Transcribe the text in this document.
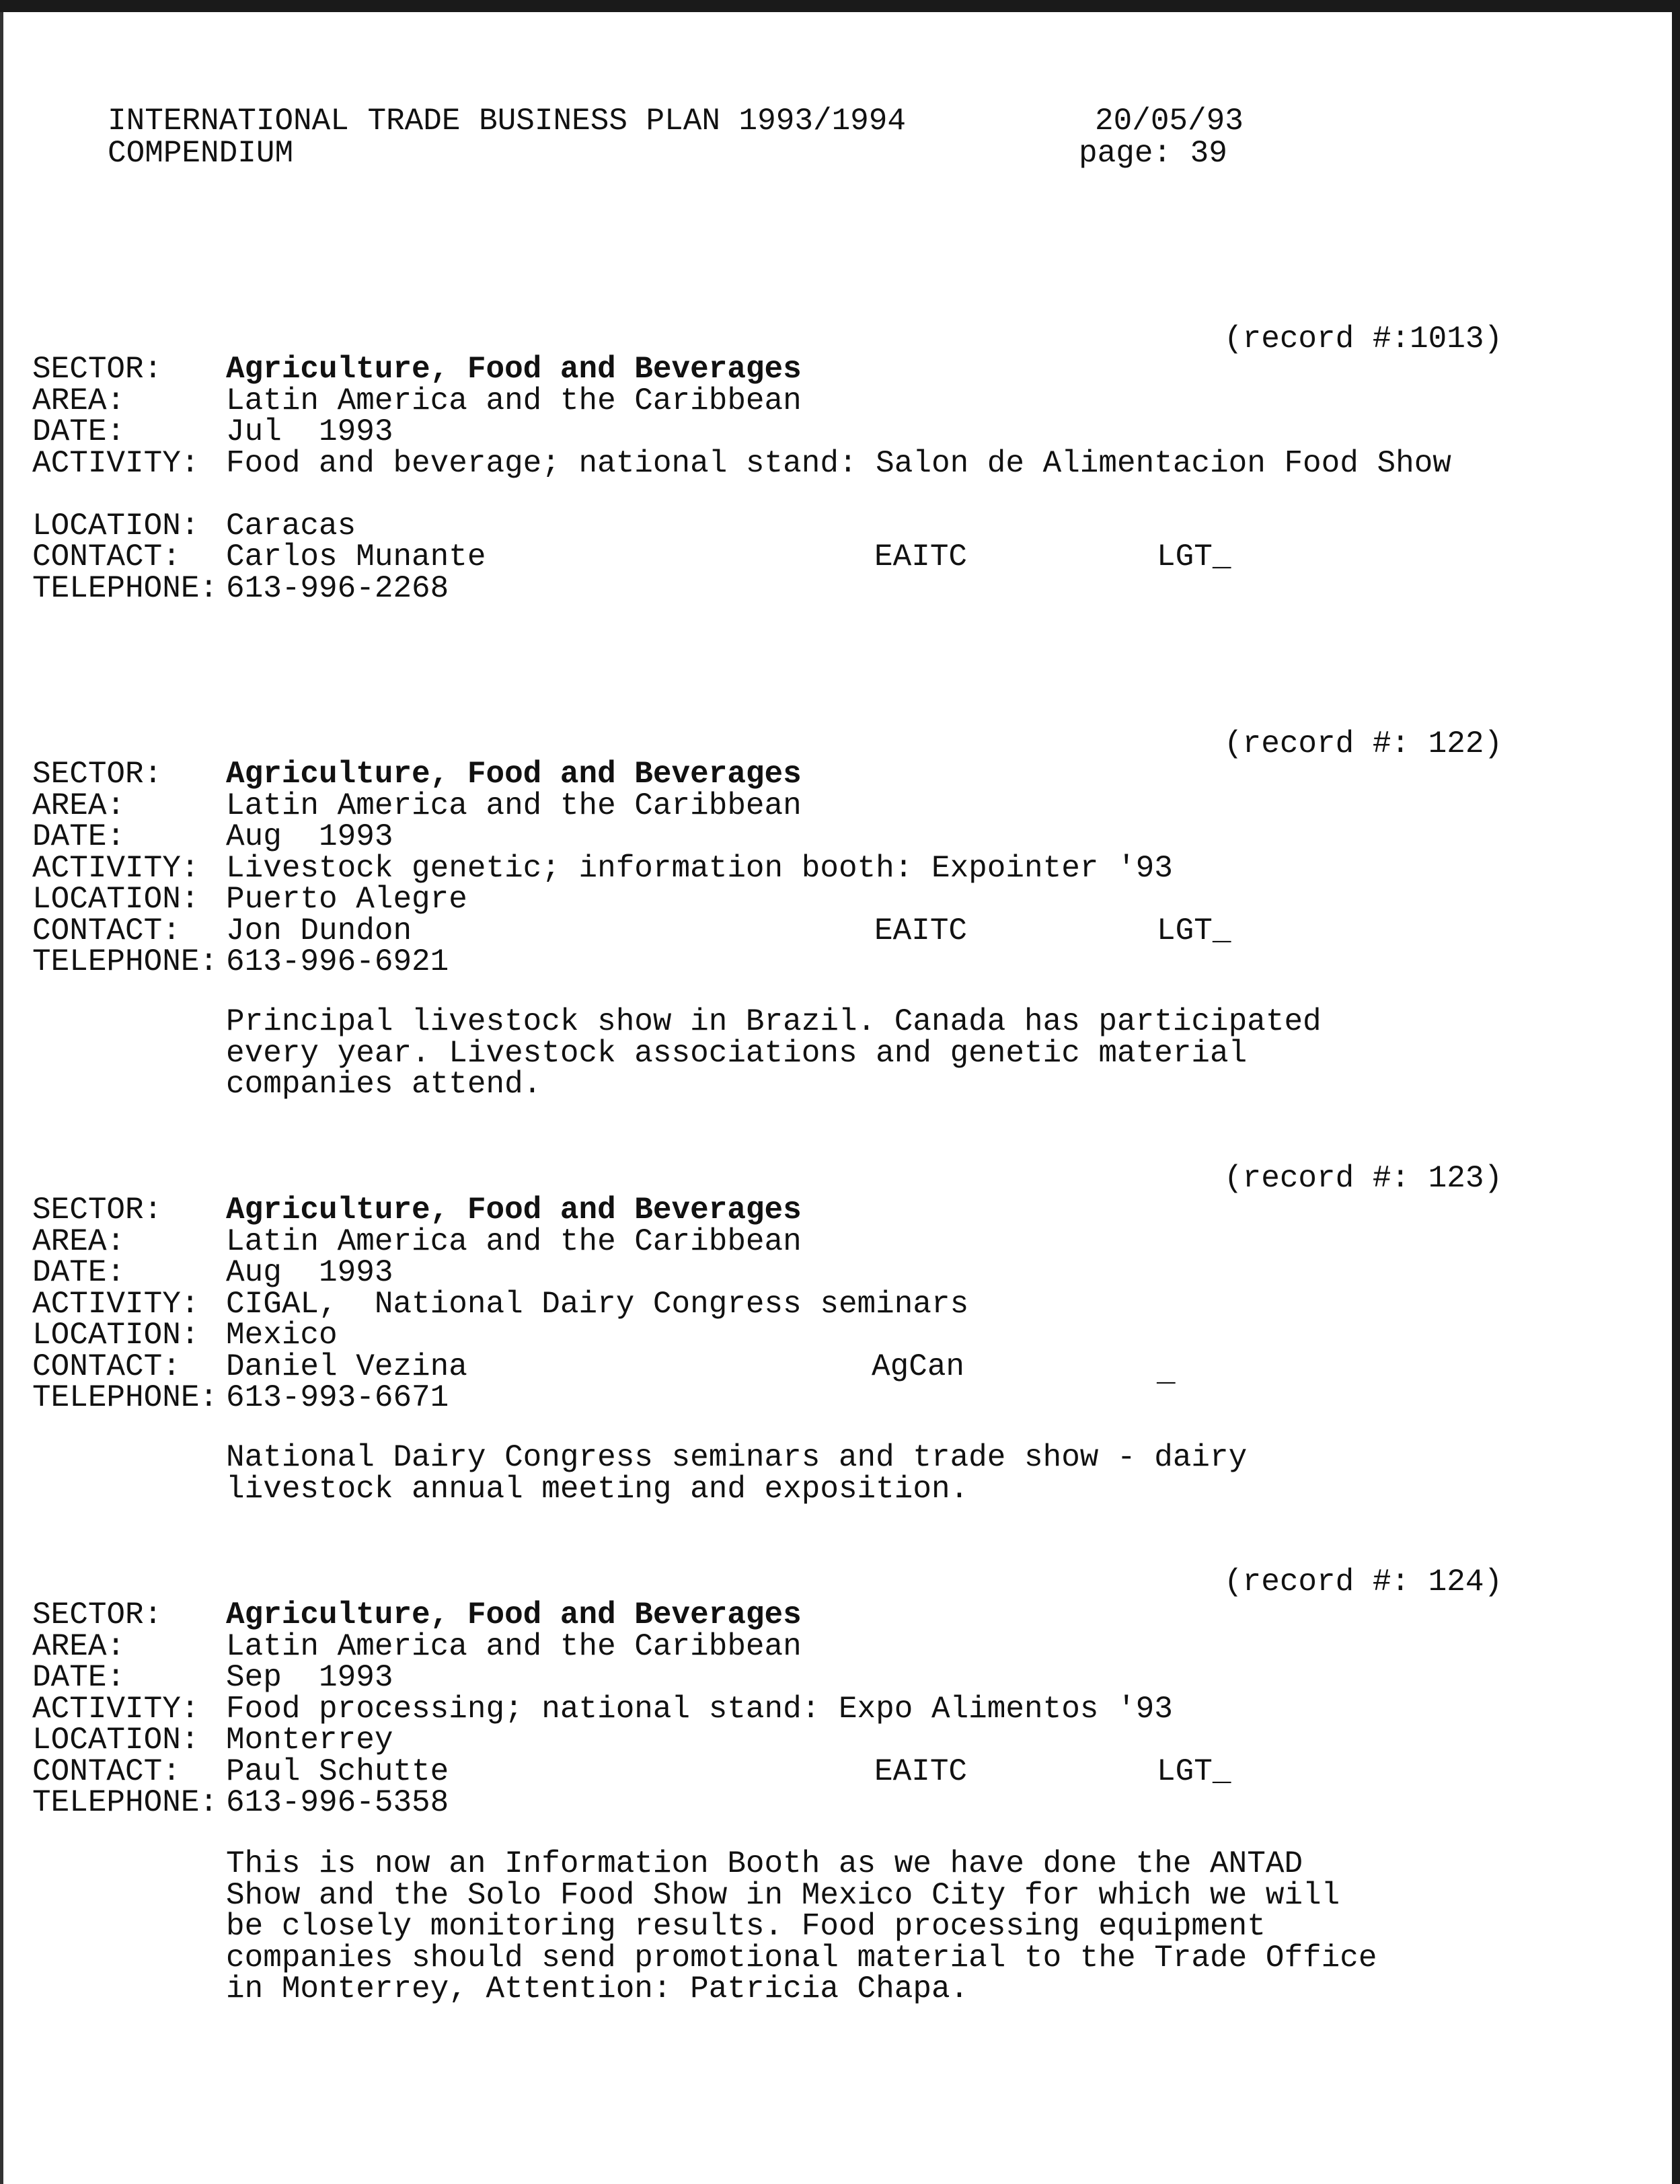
INTERNATIONAL TRADE BUSINESS PLAN 1993/1994
COMPENDIUM
20/05/93
page: 39
(record #:1013)

SECTOR:

Agriculture, Food and Beverages

AREA:

	Latin America and the Caribbean

DATE:

	Jul  1993

ACTIVITY:

Food and beverage; national stand: Salon de Alimentacion Food Show

LOCATION:

Caracas

CONTACT:

Carlos Munante

	EAITC

	LGT_

TELEPHONE:

613-996-2268

(record #: 122)

SECTOR:

Agriculture, Food and Beverages

AREA:

	Latin America and the Caribbean

DATE:

	Aug  1993

ACTIVITY:

Livestock genetic; information booth: Expointer '93

LOCATION:

Puerto Alegre

CONTACT:

Jon Dundon

	EAITC

	LGT_

TELEPHONE:

613-996-6921

Principal livestock show in Brazil. Canada has participated
every year. Livestock associations and genetic material
companies attend.
(record #: 123)

SECTOR:

Agriculture, Food and Beverages

AREA:

	Latin America and the Caribbean

DATE:

	Aug  1993

ACTIVITY:

CIGAL,  National Dairy Congress seminars

LOCATION:

Mexico

CONTACT:

Daniel Vezina

	AgCan

	_

TELEPHONE:

613-993-6671

National Dairy Congress seminars and trade show - dairy
livestock annual meeting and exposition.
(record #: 124)

SECTOR:

Agriculture, Food and Beverages

AREA:

	Latin America and the Caribbean

DATE:

	Sep  1993

ACTIVITY:

Food processing; national stand: Expo Alimentos '93

LOCATION:

Monterrey

CONTACT:

Paul Schutte

	EAITC

	LGT_

TELEPHONE:

613-996-5358

This is now an Information Booth as we have done the ANTAD
Show and the Solo Food Show in Mexico City for which we will
be closely monitoring results. Food processing equipment
companies should send promotional material to the Trade Office
in Monterrey, Attention: Patricia Chapa.
